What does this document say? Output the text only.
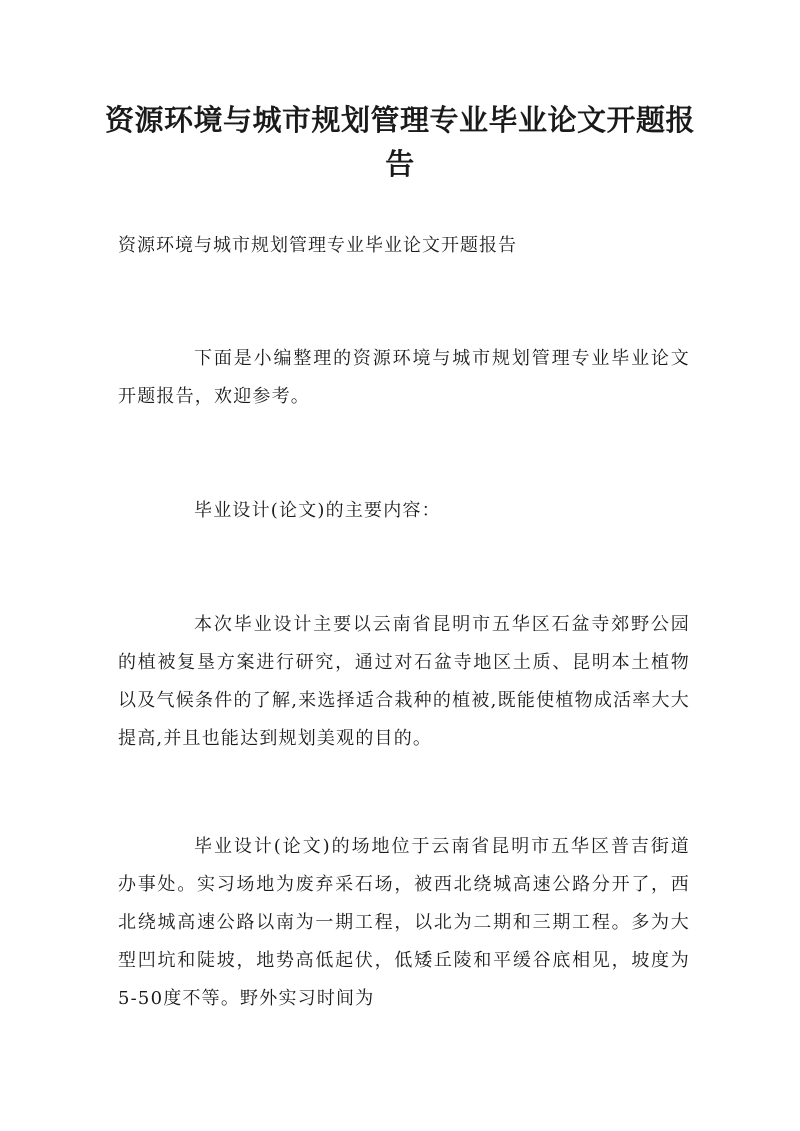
资源环境与城市规划管理专业毕业论文开题报告
资源环境与城市规划管理专业毕业论文开题报告

下面是小编整理的资源环境与城市规划管理专业毕业论文开题报告，欢迎参考。

毕业设计(论文)的主要内容：

本次毕业设计主要以云南省昆明市五华区石盆寺郊野公园的植被复垦方案进行研究，通过对石盆寺地区土质、昆明本土植物以及气候条件的了解,来选择适合栽种的植被,既能使植物成活率大大提高,并且也能达到规划美观的目的。

毕业设计(论文)的场地位于云南省昆明市五华区普吉街道办事处。实习场地为废弃采石场，被西北绕城高速公路分开了，西北绕城高速公路以南为一期工程，以北为二期和三期工程。多为大型凹坑和陡坡，地势高低起伏，低矮丘陵和平缓谷底相见，坡度为5-50度不等。野外实习时间为
